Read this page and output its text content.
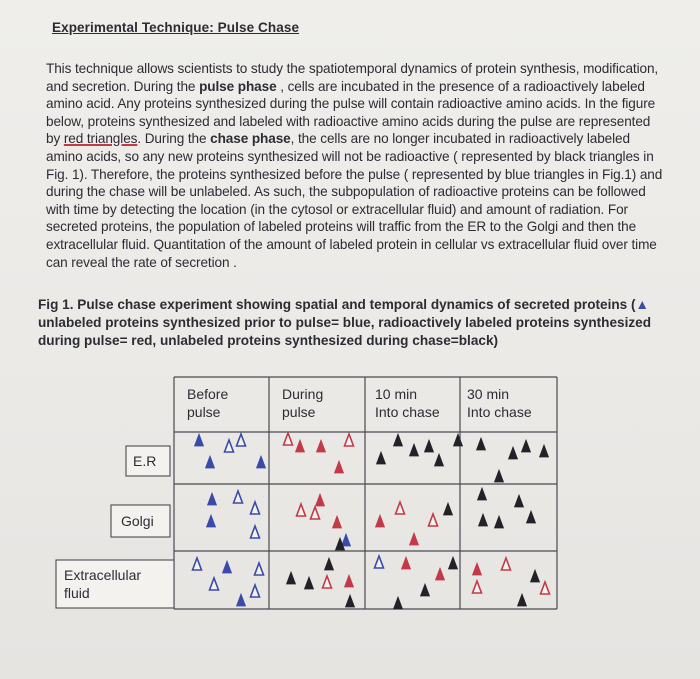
Experimental Technique: Pulse Chase
This technique allows scientists to study the spatiotemporal dynamics of protein synthesis, modification, and secretion. During the pulse phase , cells are incubated in the presence of a radioactively labeled amino acid. Any proteins synthesized during the pulse will contain radioactive amino acids. In the figure below, proteins synthesized and labeled with radioactive amino acids during the pulse are represented by red triangles. During the chase phase, the cells are no longer incubated in radioactively labeled amino acids, so any new proteins synthesized will not be radioactive ( represented by black triangles in Fig. 1). Therefore, the proteins synthesized before the pulse ( represented by blue triangles in Fig.1) and during the chase will be unlabeled. As such, the subpopulation of radioactive proteins can be followed with time by detecting the location (in the cytosol or extracellular fluid) and amount of radiation. For secreted proteins, the population of labeled proteins will traffic from the ER to the Golgi and then the extracellular fluid. Quantitation of the amount of labeled protein in cellular vs extracellular fluid over time can reveal the rate of secretion .
Fig 1. Pulse chase experiment showing spatial and temporal dynamics of secreted proteins (▲ unlabeled proteins synthesized prior to pulse= blue, radioactively labeled proteins synthesized during pulse= red, unlabeled proteins synthesized during chase=black)
Before
pulse
During
pulse
10 min
Into chase
30 min
Into chase
E.R
Golgi
Extracellular
fluid
